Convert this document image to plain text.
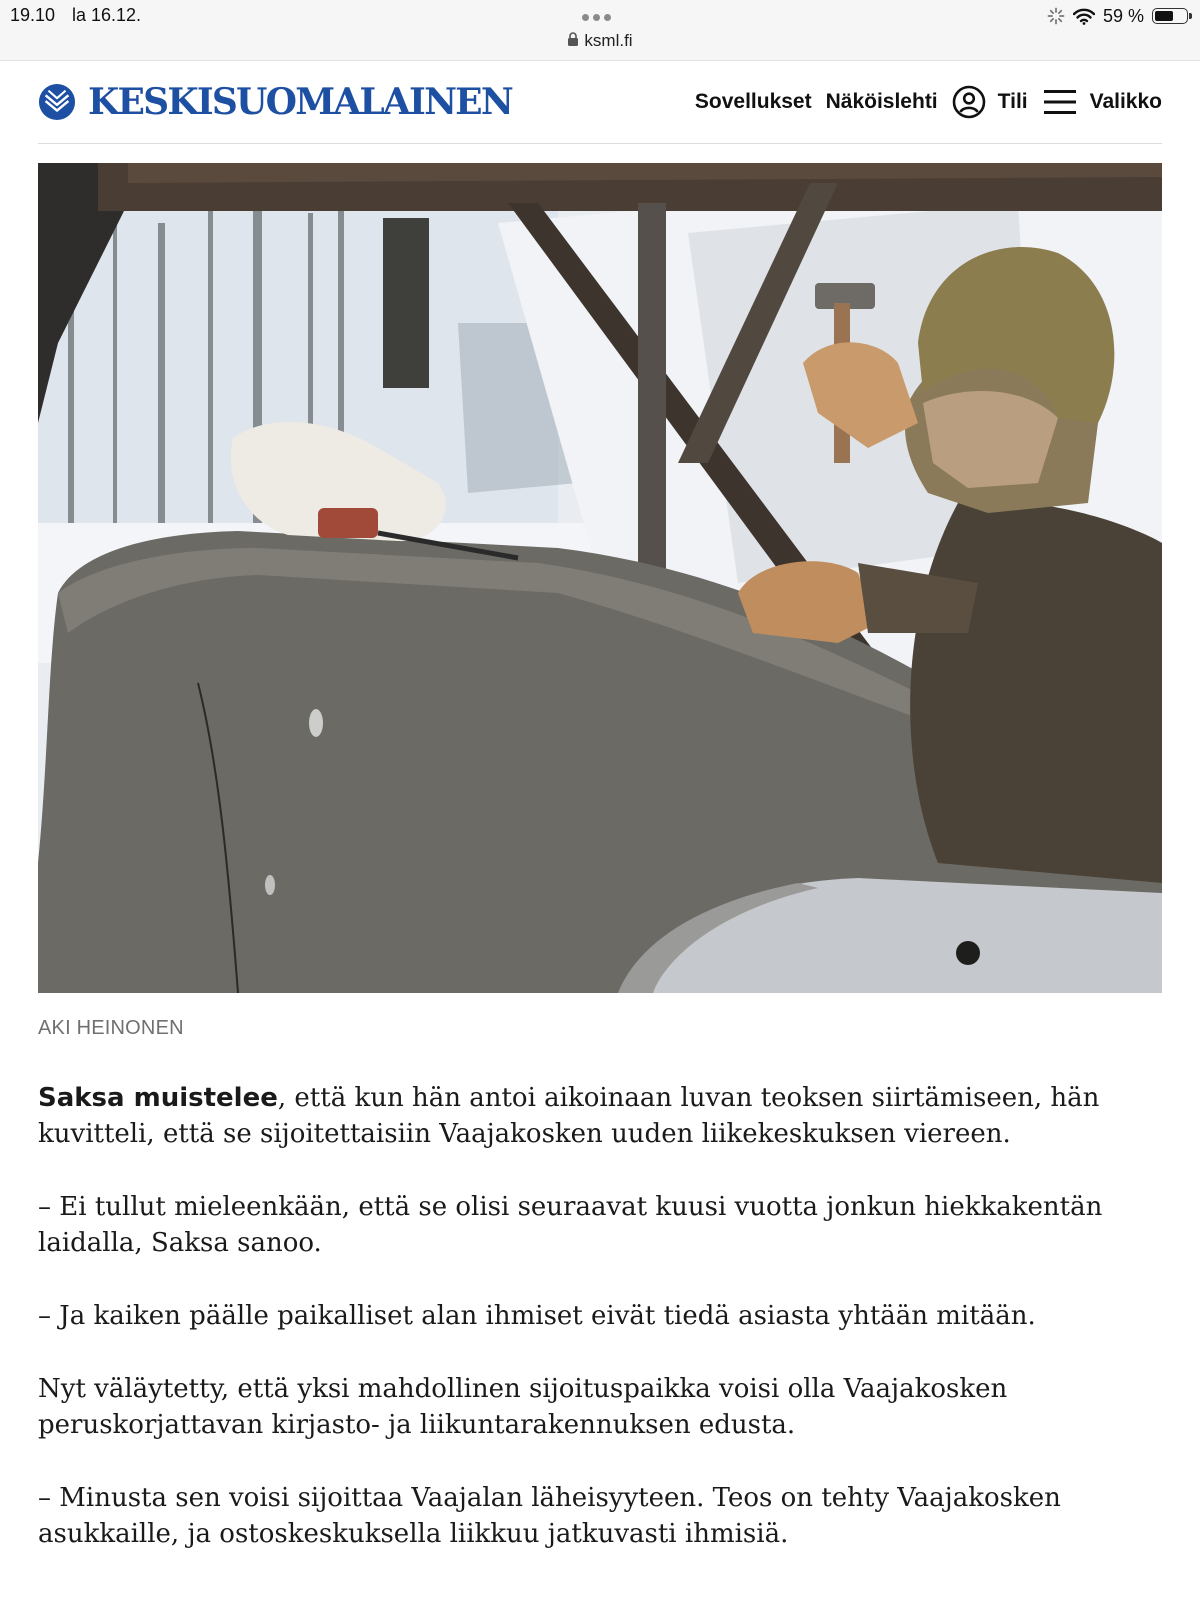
19.10 la 16.12.
ksml.fi
59 %
KESKISUOMALAINEN	Sovellukset Näköislehti	Tili	Valikko
AKI HEINONEN

Saksa muistelee, että kun hän antoi aikoinaan luvan teoksen siirtämiseen, hän kuvitteli, että se sijoitettaisiin Vaajakosken uuden liikekeskuksen viereen.

– Ei tullut mieleenkään, että se olisi seuraavat kuusi vuotta jonkun hiekkakentän laidalla, Saksa sanoo.

– Ja kaiken päälle paikalliset alan ihmiset eivät tiedä asiasta yhtään mitään.

Nyt väläytetty, että yksi mahdollinen sijoituspaikka voisi olla Vaajakosken peruskorjattavan kirjasto- ja liikuntarakennuksen edusta.

– Minusta sen voisi sijoittaa Vaajalan läheisyyteen. Teos on tehty Vaajakosken asukkaille, ja ostoskeskuksella liikkuu jatkuvasti ihmisiä.
